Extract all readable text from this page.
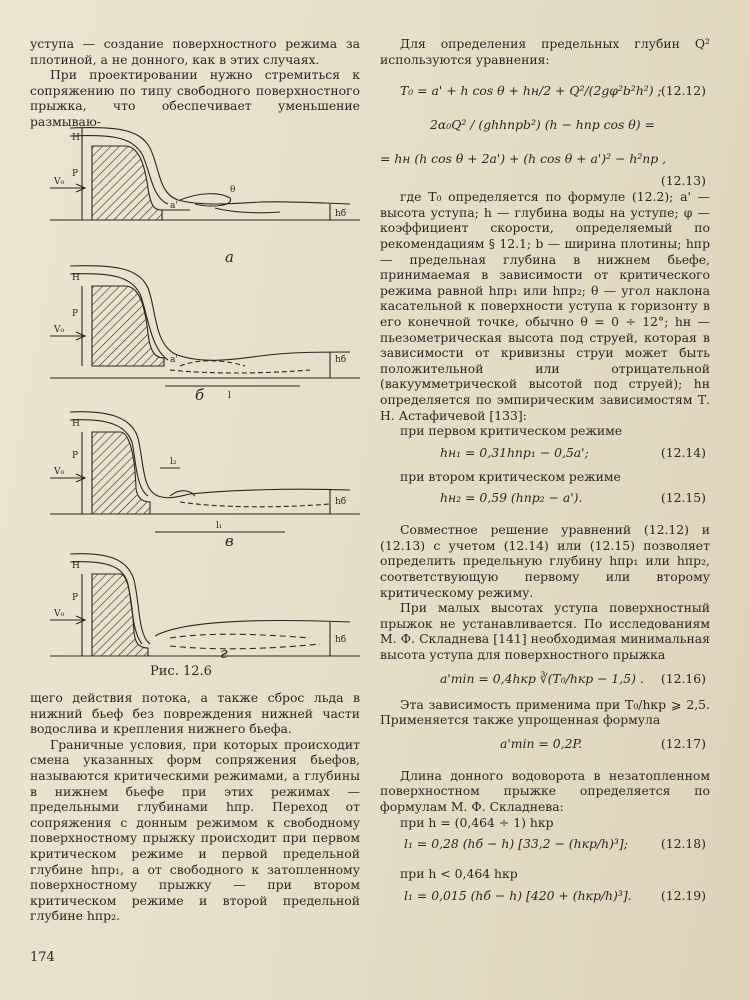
уступа — создание поверхностного режима за плотиной, а не донного, как в этих случаях.

При проектировании нужно стремиться к сопряжению по типу свободного поверхностного прыжка, что обеспечивает уменьшение размываю-

H
P
V₀
a'
θ
hб
H
P
V₀
a'	hб
l
H
P
V₀
l₂
hб
l₁
H
P
V₀
hб
а
б
в
г
Рис. 12.6

щего действия потока, а также сброс льда в нижний бьеф без повреждения нижней части водослива и крепления нижнего бьефа.

Граничные условия, при которых происходит смена указанных форм сопряжения бьефов, называются критическими режимами, а глубины в нижнем бьефе при этих режимах — предельными глубинами hпр. Переход от сопряжения с донным режимом к свободному поверхностному прыжку происходит при первом критическом режиме и первой предельной глубине hпр₁, а от свободного к затопленному поверхностному прыжку — при втором критическом режиме и второй предельной глубине hпр₂.

174

Для определения предельных глубин Q² используются уравнения:

T₀ = a' + h cos θ + hн/2 + Q²/(2gφ²b²h²) ; (12.12)
2α₀Q² / (ghhпрb²) (h − hпр cos θ) =
= hн (h cos θ + 2a') + (h cos θ + a')² − h²пр ,
(12.13)

где T₀ определяется по формуле (12.2); a' — высота уступа; h — глубина воды на уступе; φ — коэффициент скорости, определяемый по рекомендациям § 12.1; b — ширина плотины; hпр — предельная глубина в нижнем бьефе, принимаемая в зависимости от критического режима равной hпр₁ или hпр₂; θ — угол наклона касательной к поверхности уступа к горизонту в его конечной точке, обычно θ = 0 ÷ 12°; hн — пьезометрическая высота под струей, которая в зависимости от кривизны струи может быть положительной или отрицательной (вакуумметрической высотой под струей); hн определяется по эмпирическим зависимостям Т. Н. Астафичевой [133]:

при первом критическом режиме

hн₁ = 0,31hпр₁ − 0,5a';	(12.14)

при втором критическом режиме

hн₂ = 0,59 (hпр₂ − a').	(12.15)

Совместное решение уравнений (12.12) и (12.13) с учетом (12.14) или (12.15) позволяет определить предельную глубину hпр₁ или hпр₂, соответствующую первому или второму критическому режиму.

При малых высотах уступа поверхностный прыжок не устанавливается. По исследованиям М. Ф. Складнева [141] необходимая минимальная высота уступа для поверхностного прыжка

a'min = 0,4hкр ∛(T₀/hкр − 1,5) . (12.16)

Эта зависимость применима при T₀/hкр ⩾ 2,5. Применяется также упрощенная формула

a'min = 0,2P.	(12.17)

Длина донного водоворота в незатопленном поверхностном прыжке определяется по формулам М. Ф. Складнева:

при h = (0,464 ÷ 1) hкр

l₁ = 0,28 (hб − h) [33,2 − (hкр/h)³];	(12.18)

при h < 0,464 hкр

l₁ = 0,015 (hб − h) [420 + (hкр/h)³]. (12.19)
